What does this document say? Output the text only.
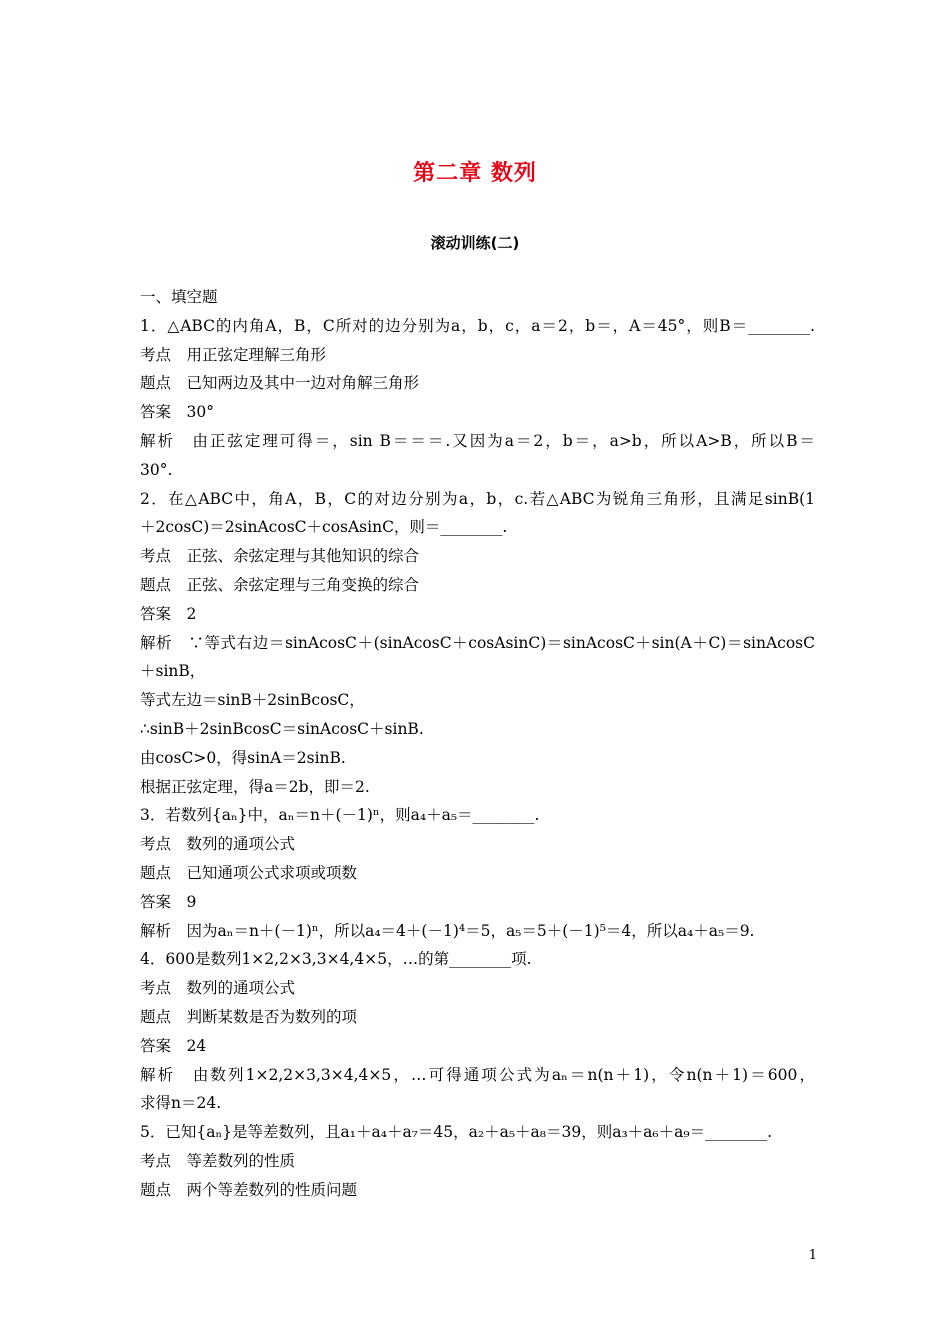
第二章 数列
滚动训练(二)
一、填空题
1．△ABC的内角A，B，C所对的边分别为a，b，c，a＝2，b＝，A＝45°，则B＝________.
考点　用正弦定理解三角形
题点　已知两边及其中一边对角解三角形
答案　30°
解析　由正弦定理可得＝，sin B＝＝＝.又因为a＝2，b＝，a>b，所以A>B，所以B＝
30°.
2．在△ABC中，角A，B，C的对边分别为a，b，c.若△ABC为锐角三角形，且满足sinB(1
＋2cosC)＝2sinAcosC＋cosAsinC，则＝________.
考点　正弦、余弦定理与其他知识的综合
题点　正弦、余弦定理与三角变换的综合
答案　2
解析　∵等式右边＝sinAcosC＋(sinAcosC＋cosAsinC)＝sinAcosC＋sin(A＋C)＝sinAcosC
＋sinB，
等式左边＝sinB＋2sinBcosC，
∴sinB＋2sinBcosC＝sinAcosC＋sinB.
由cosC>0，得sinA＝2sinB.
根据正弦定理，得a＝2b，即＝2.
3．若数列{aₙ}中，aₙ＝n＋(－1)ⁿ，则a₄＋a₅＝________.
考点　数列的通项公式
题点　已知通项公式求项或项数
答案　9
解析　因为aₙ＝n＋(－1)ⁿ，所以a₄＝4＋(－1)⁴＝5，a₅＝5＋(－1)⁵＝4，所以a₄＋a₅＝9.
4．600是数列1×2,2×3,3×4,4×5，…的第________项.
考点　数列的通项公式
题点　判断某数是否为数列的项
答案　24
解析　由数列1×2,2×3,3×4,4×5，…可得通项公式为aₙ＝n(n＋1)，令n(n＋1)＝600，
求得n＝24.
5．已知{aₙ}是等差数列，且a₁＋a₄＋a₇＝45，a₂＋a₅＋a₈＝39，则a₃＋a₆＋a₉＝________.
考点　等差数列的性质
题点　两个等差数列的性质问题
1
